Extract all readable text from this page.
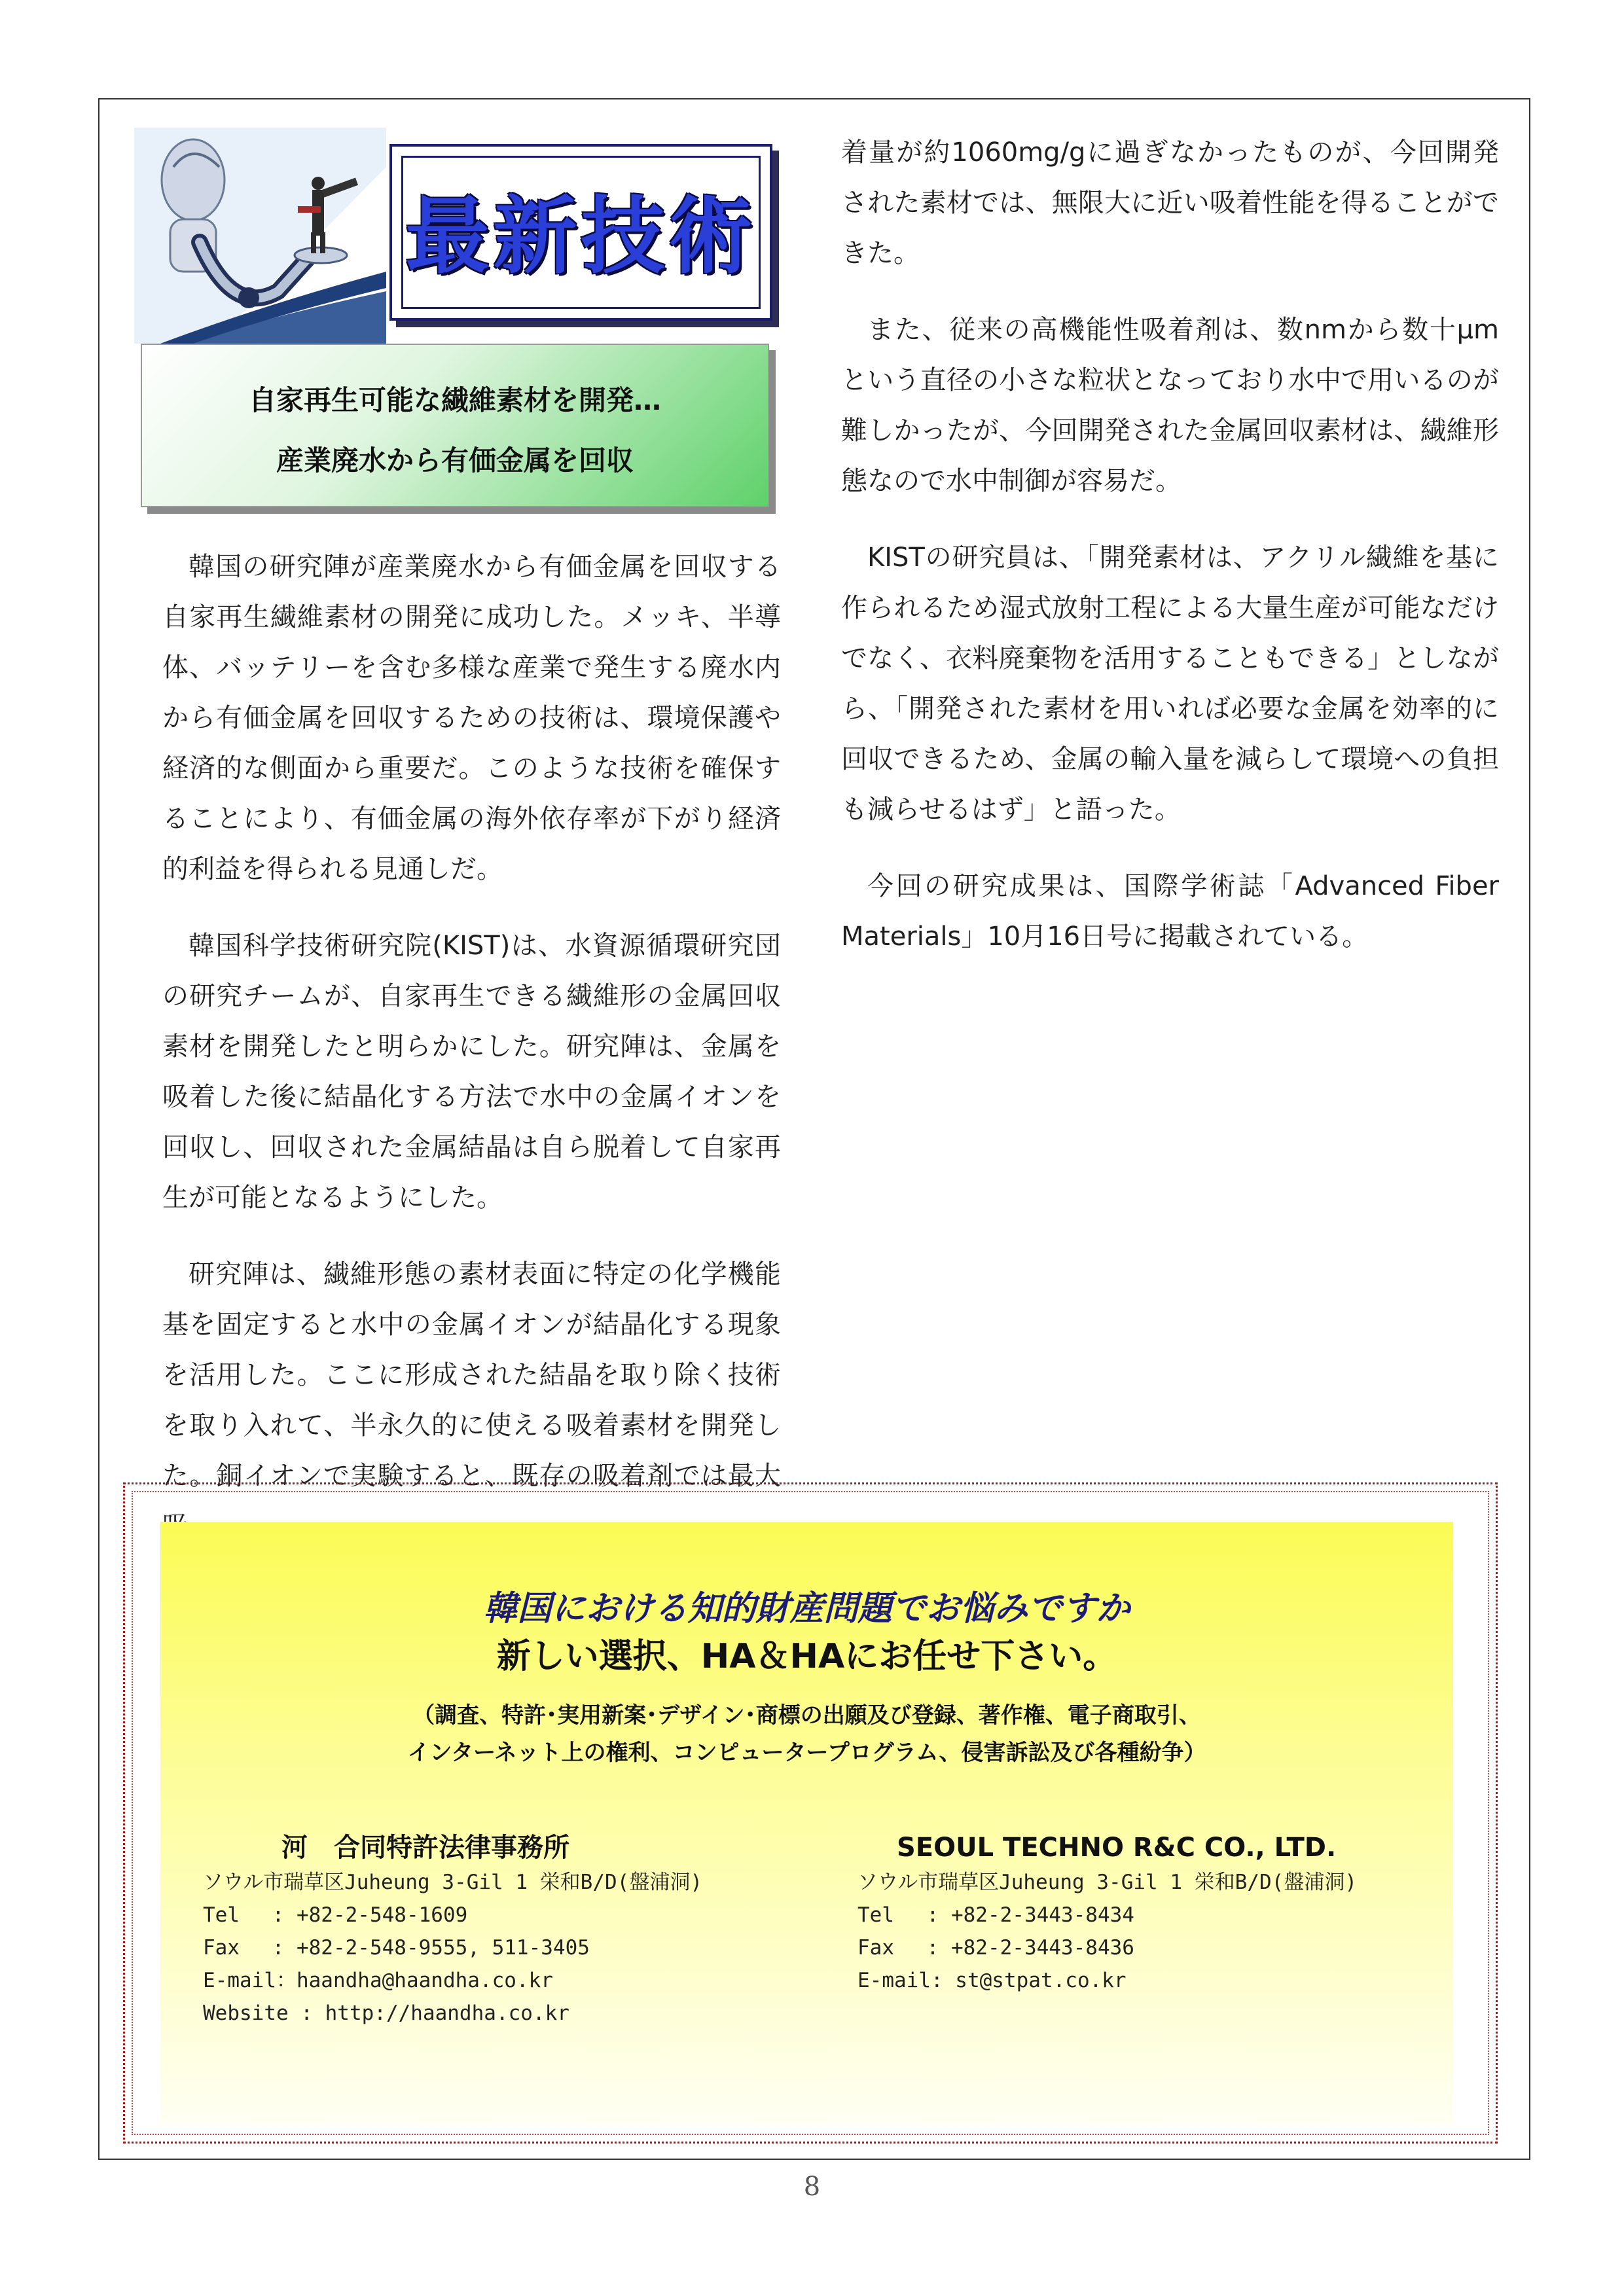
最新技術
自家再生可能な繊維素材を開発…
産業廃水から有価金属を回収

韓国の研究陣が産業廃水から有価金属を回収する自家再生繊維素材の開発に成功した。メッキ、半導体、バッテリーを含む多様な産業で発生する廃水内から有価金属を回収するための技術は、環境保護や経済的な側面から重要だ。このような技術を確保することにより、有価金属の海外依存率が下がり経済的利益を得られる見通しだ。

韓国科学技術研究院(KIST)は、水資源循環研究団の研究チームが、自家再生できる繊維形の金属回収素材を開発したと明らかにした。研究陣は、金属を吸着した後に結晶化する方法で水中の金属イオンを回収し、回収された金属結晶は自ら脱着して自家再生が可能となるようにした。

研究陣は、繊維形態の素材表面に特定の化学機能基を固定すると水中の金属イオンが結晶化する現象を活用した。ここに形成された結晶を取り除く技術を取り入れて、半永久的に使える吸着素材を開発した。銅イオンで実験すると、既存の吸着剤では最大

着量が約1060mg/gに過ぎなかったものが、今回開発された素材では、無限大に近い吸着性能を得ることができた。

また、従来の高機能性吸着剤は、数nmから数十μmという直径の小さな粒状となっており水中で用いるのが難しかったが、今回開発された金属回収素材は、繊維形態なので水中制御が容易だ。

KISTの研究員は、「開発素材は、アクリル繊維を基に作られるため湿式放射工程による大量生産が可能なだけでなく、衣料廃棄物を活用することもできる」としながら、「開発された素材を用いれば必要な金属を効率的に回収できるため、金属の輸入量を減らして環境への負担も減らせるはず」と語った。

今回の研究成果は、国際学術誌「Advanced Fiber Materials」10月16日号に掲載されている。

韓国における知的財産問題でお悩みですか
新しい選択、HA＆HAにお任せ下さい。
（調査、特許･実用新案･デザイン･商標の出願及び登録、著作権、電子商取引、
インターネット上の権利、コンピュータープログラム、侵害訴訟及び各種紛争）
河　合同特許法律事務所
ソウル市瑞草区Juheung 3-Gil 1 栄和B/D(盤浦洞)
Tel　 : +82-2-548-1609
Fax　 : +82-2-548-9555, 511-3405
E-mail：haandha@haandha.co.kr
Website : http://haandha.co.kr
SEOUL TECHNO R&C CO., LTD.
ソウル市瑞草区Juheung 3-Gil 1 栄和B/D(盤浦洞)
Tel　 : +82-2-3443-8434
Fax　 : +82-2-3443-8436
E-mail: st@stpat.co.kr
8
